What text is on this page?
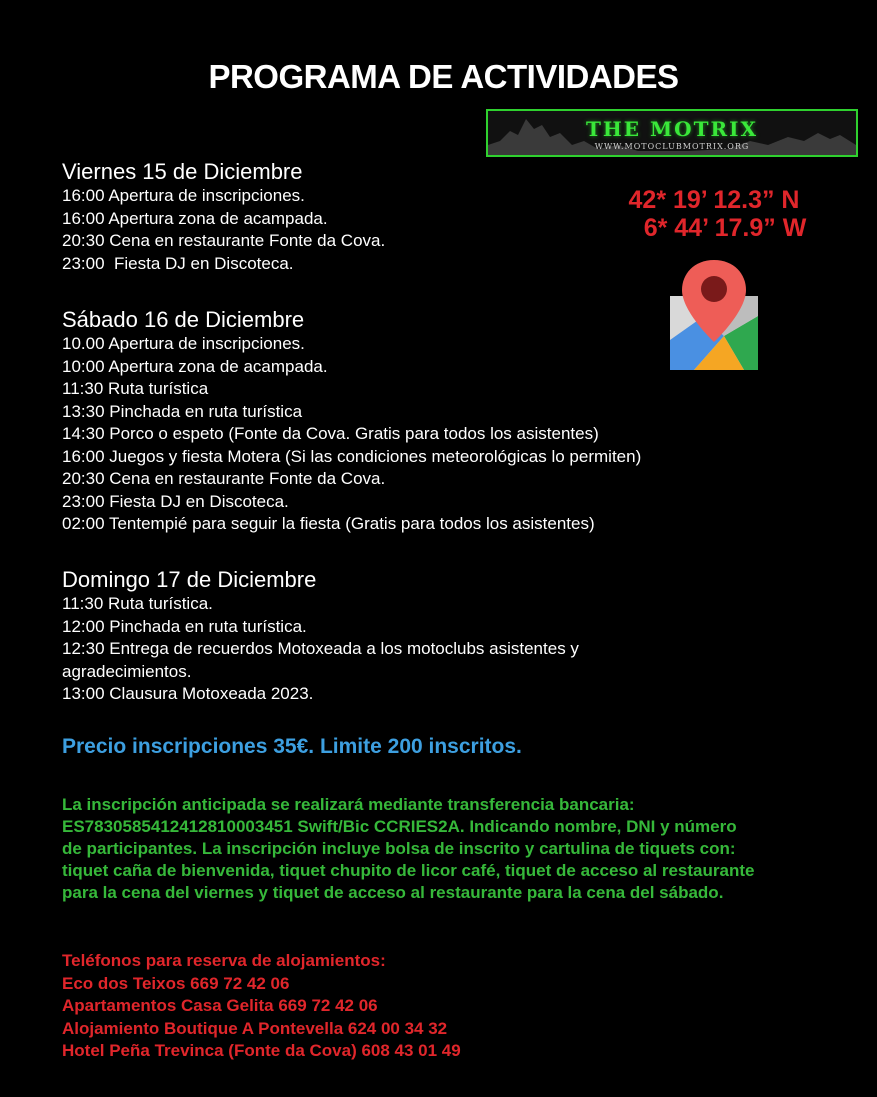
PROGRAMA DE ACTIVIDADES
THE MOTRIX
WWW.MOTOCLUBMOTRIX.ORG
42* 19’ 12.3” N
6* 44’ 17.9” W
Viernes 15 de Diciembre
16:00 Apertura de inscripciones.
16:00 Apertura zona de acampada.
20:30 Cena en restaurante Fonte da Cova.
23:00  Fiesta DJ en Discoteca.
Sábado 16 de Diciembre
10.00 Apertura de inscripciones.
10:00 Apertura zona de acampada.
11:30 Ruta turística
13:30 Pinchada en ruta turística
14:30 Porco o espeto (Fonte da Cova. Gratis para todos los asistentes)
16:00 Juegos y fiesta Motera (Si las condiciones meteorológicas lo permiten)
20:30 Cena en restaurante Fonte da Cova.
23:00 Fiesta DJ en Discoteca.
02:00 Tentempié para seguir la fiesta (Gratis para todos los asistentes)
Domingo 17 de Diciembre
11:30 Ruta turística.
12:00 Pinchada en ruta turística.
12:30 Entrega de recuerdos Motoxeada a los motoclubs asistentes y
agradecimientos.
13:00 Clausura Motoxeada 2023.
Precio inscripciones 35€. Limite 200 inscritos.
La inscripción anticipada se realizará mediante transferencia bancaria:
ES7830585412412810003451 Swift/Bic CCRIES2A. Indicando nombre, DNI y número
de participantes. La inscripción incluye bolsa de inscrito y cartulina de tiquets con:
tiquet caña de bienvenida, tiquet chupito de licor café, tiquet de acceso al restaurante
para la cena del viernes y tiquet de acceso al restaurante para la cena del sábado.
Teléfonos para reserva de alojamientos:
Eco dos Teixos 669 72 42 06
Apartamentos Casa Gelita 669 72 42 06
Alojamiento Boutique A Pontevella 624 00 34 32
Hotel Peña Trevinca (Fonte da Cova) 608 43 01 49
